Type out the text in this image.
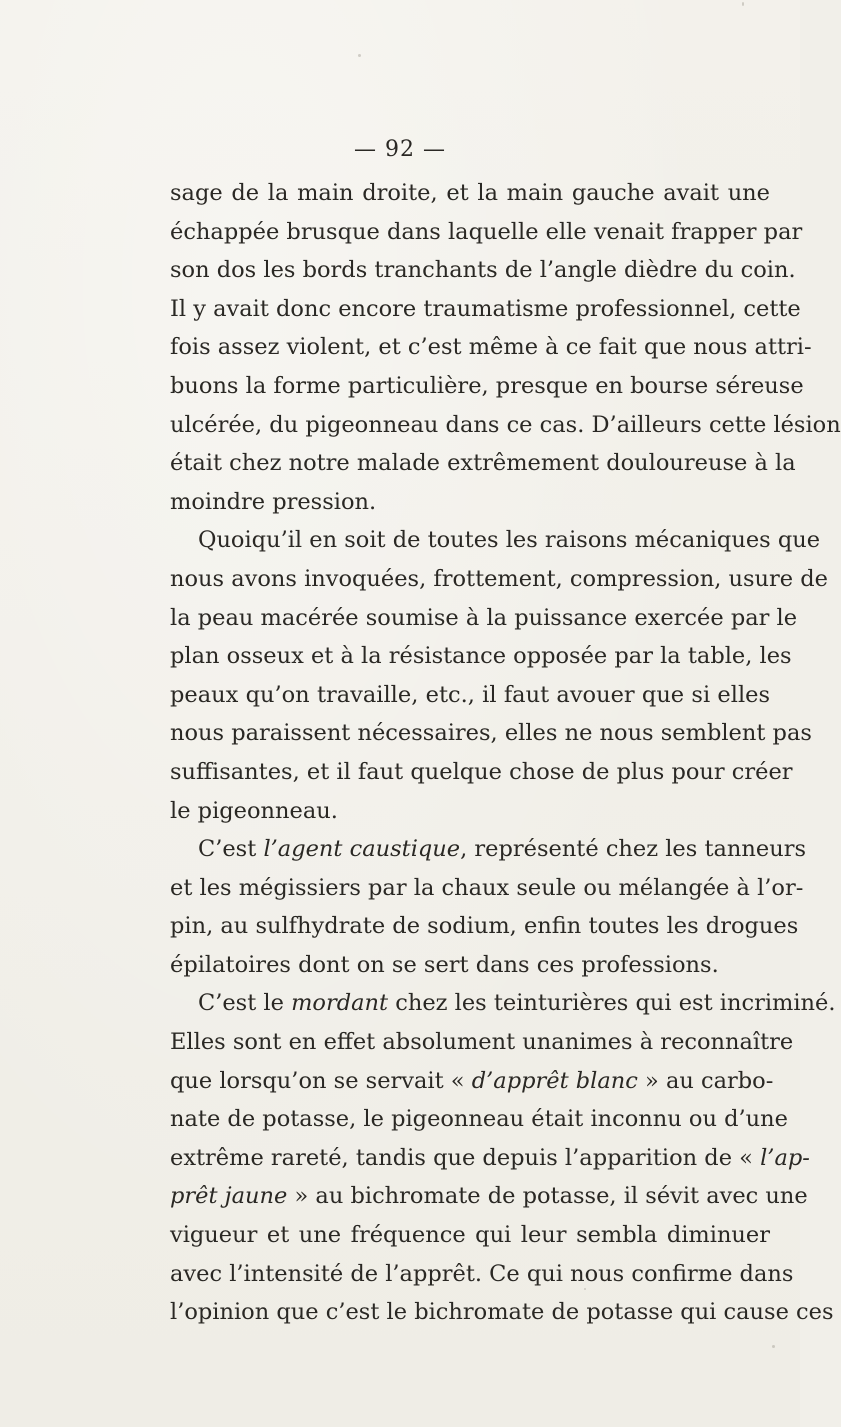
— 92 —
sage de la main droite, et la main gauche avait une
échappée brusque dans laquelle elle venait frapper par
son dos les bords tranchants de l’angle dièdre du coin.
Il y avait donc encore traumatisme professionnel, cette
fois assez violent, et c’est même à ce fait que nous attri-
buons la forme particulière, presque en bourse séreuse
ulcérée, du pigeonneau dans ce cas. D’ailleurs cette lésion
était chez notre malade extrêmement douloureuse à la
moindre pression.
Quoiqu’il en soit de toutes les raisons mécaniques que
nous avons invoquées, frottement, compression, usure de
la peau macérée soumise à la puissance exercée par le
plan osseux et à la résistance opposée par la table, les
peaux qu’on travaille, etc., il faut avouer que si elles
nous paraissent nécessaires, elles ne nous semblent pas
suffisantes, et il faut quelque chose de plus pour créer
le pigeonneau.
C’est l’agent caustique, représenté chez les tanneurs
et les mégissiers par la chaux seule ou mélangée à l’or-
pin, au sulfhydrate de sodium, enfin toutes les drogues
épilatoires dont on se sert dans ces professions.
C’est le mordant chez les teinturières qui est incriminé.
Elles sont en effet absolument unanimes à reconnaître
que lorsqu’on se servait « d’apprêt blanc » au carbo-
nate de potasse, le pigeonneau était inconnu ou d’une
extrême rareté, tandis que depuis l’apparition de « l’ap-
prêt jaune » au bichromate de potasse, il sévit avec une
vigueur et une fréquence qui leur sembla diminuer
avec l’intensité de l’apprêt. Ce qui nous confirme dans
l’opinion que c’est le bichromate de potasse qui cause ces
